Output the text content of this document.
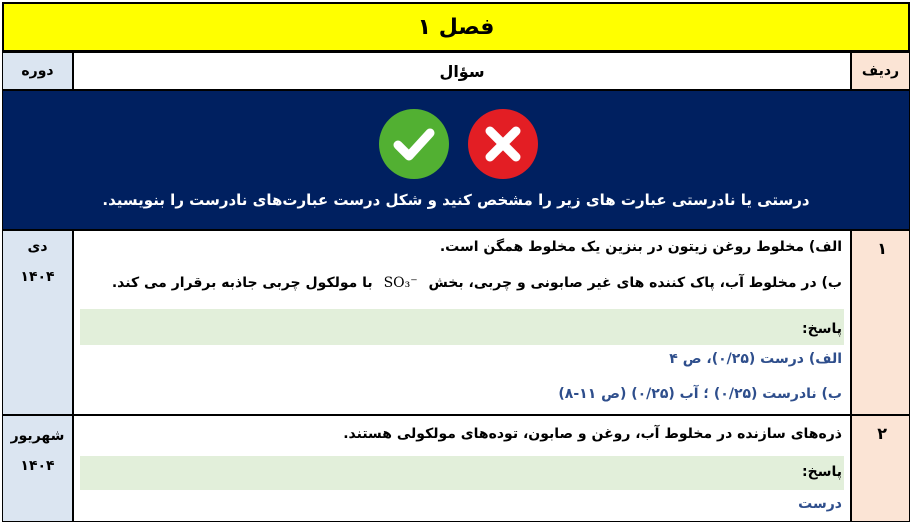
فصل ۱
ردیف
سؤال
دوره
درستی یا نادرستی عبارت های زیر را مشخص کنید و شکل درست عبارت‌های نادرست را بنویسید.
۱
الف) مخلوط روغن زیتون در بنزین یک مخلوط همگن است.
ب) در مخلوط آب، پاک کننده های غیر صابونی و چربی، بخش SO₃⁻ با مولکول چربی جاذبه برقرار می کند.
پاسخ:
الف) درست (۰/۲۵)، ص ۴
ب) نادرست (۰/۲۵) ؛ آب (۰/۲۵) (ص ۱۱-۸)
دی
۱۴۰۴
۲
ذره‌های سازنده در مخلوط آب، روغن و صابون، توده‌های مولکولی هستند.
پاسخ:
درست
شهریور
۱۴۰۴
